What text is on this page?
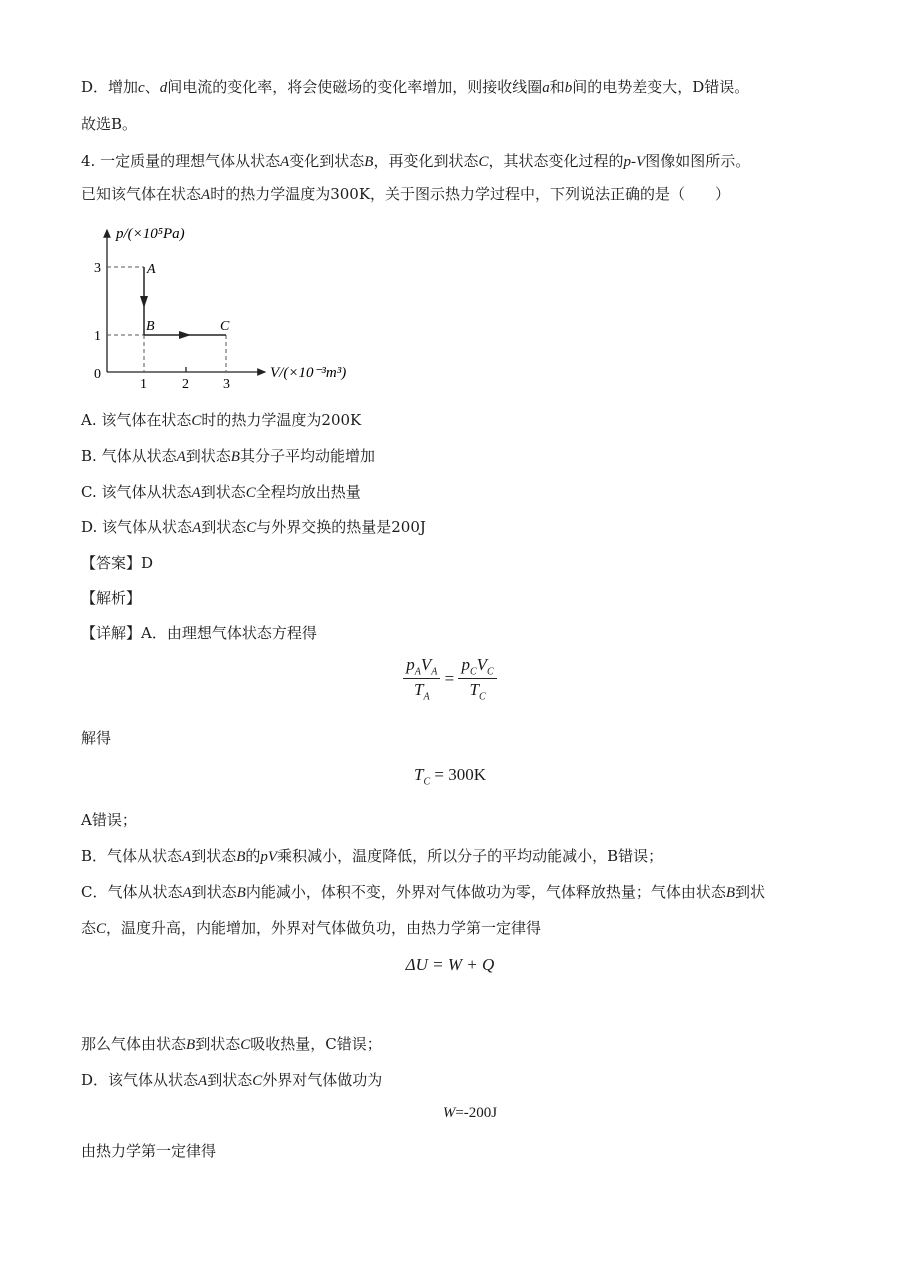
D．增加c、d间电流的变化率，将会使磁场的变化率增加，则接收线圈a和b间的电势差变大，D错误。
故选B。
4. 一定质量的理想气体从状态A变化到状态B，再变化到状态C，其状态变化过程的p-V图像如图所示。
已知该气体在状态A时的热力学温度为300K，关于图示热力学过程中，下列说法正确的是（　　）
p/(×10⁵Pa)
V/(×10⁻³m³)
3
1
0
1	2 3
A
B	C
A. 该气体在状态C时的热力学温度为200K
B. 气体从状态A到状态B其分子平均动能增加
C. 该气体从状态A到状态C全程均放出热量
D. 该气体从状态A到状态C与外界交换的热量是200J
【答案】D
【解析】
【详解】A．由理想气体状态方程得
$\frac{p_AV_A}{T_A} = \frac{p_CV_C}{T_C}$
解得
$T_C = 300K$
A错误；
B．气体从状态A到状态B的pV乘积减小，温度降低，所以分子的平均动能减小，B错误；
C．气体从状态A到状态B内能减小，体积不变，外界对气体做功为零，气体释放热量；气体由状态B到状
态C，温度升高，内能增加，外界对气体做负功，由热力学第一定律得
ΔU = W + Q
那么气体由状态B到状态C吸收热量，C错误；
D．该气体从状态A到状态C外界对气体做功为
W=-200J
由热力学第一定律得
